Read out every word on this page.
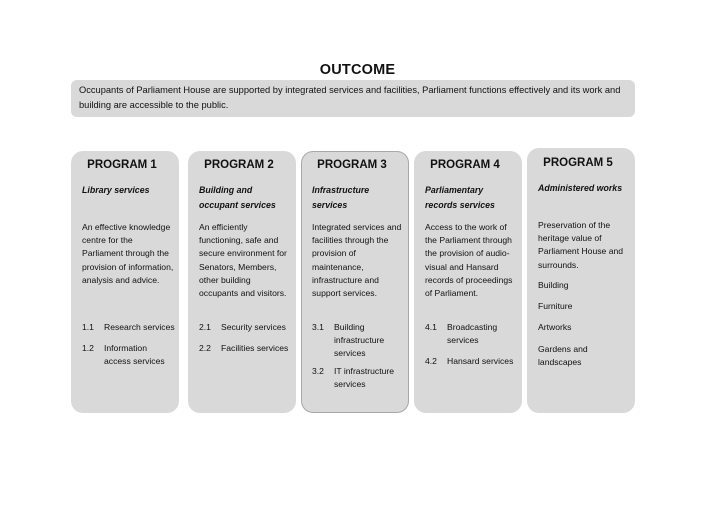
OUTCOME
Occupants of Parliament House are supported by integrated services and facilities, Parliament functions effectively and its work and building are accessible to the public.
PROGRAM 1
Library services
An effective knowledge centre for the Parliament through the provision of information, analysis and advice.
1.1	Research services
1.2	Information access services
PROGRAM 2
Building and occupant services
An efficiently functioning, safe and secure environment for Senators, Members, other building occupants and visitors.
2.1	Security services
2.2	Facilities services
PROGRAM 3
Infrastructure services
Integrated services and facilities through the provision of maintenance, infrastructure and support services.
3.1	Building infrastructure services
3.2	IT infrastructure services
PROGRAM 4
Parliamentary records services
Access to the work of the Parliament through the provision of audio-visual and Hansard records of proceedings of Parliament.
4.1	Broadcasting services
4.2	Hansard services
PROGRAM 5
Administered works
Preservation of the heritage value of Parliament House and surrounds.
Building
Furniture
Artworks
Gardens and landscapes
